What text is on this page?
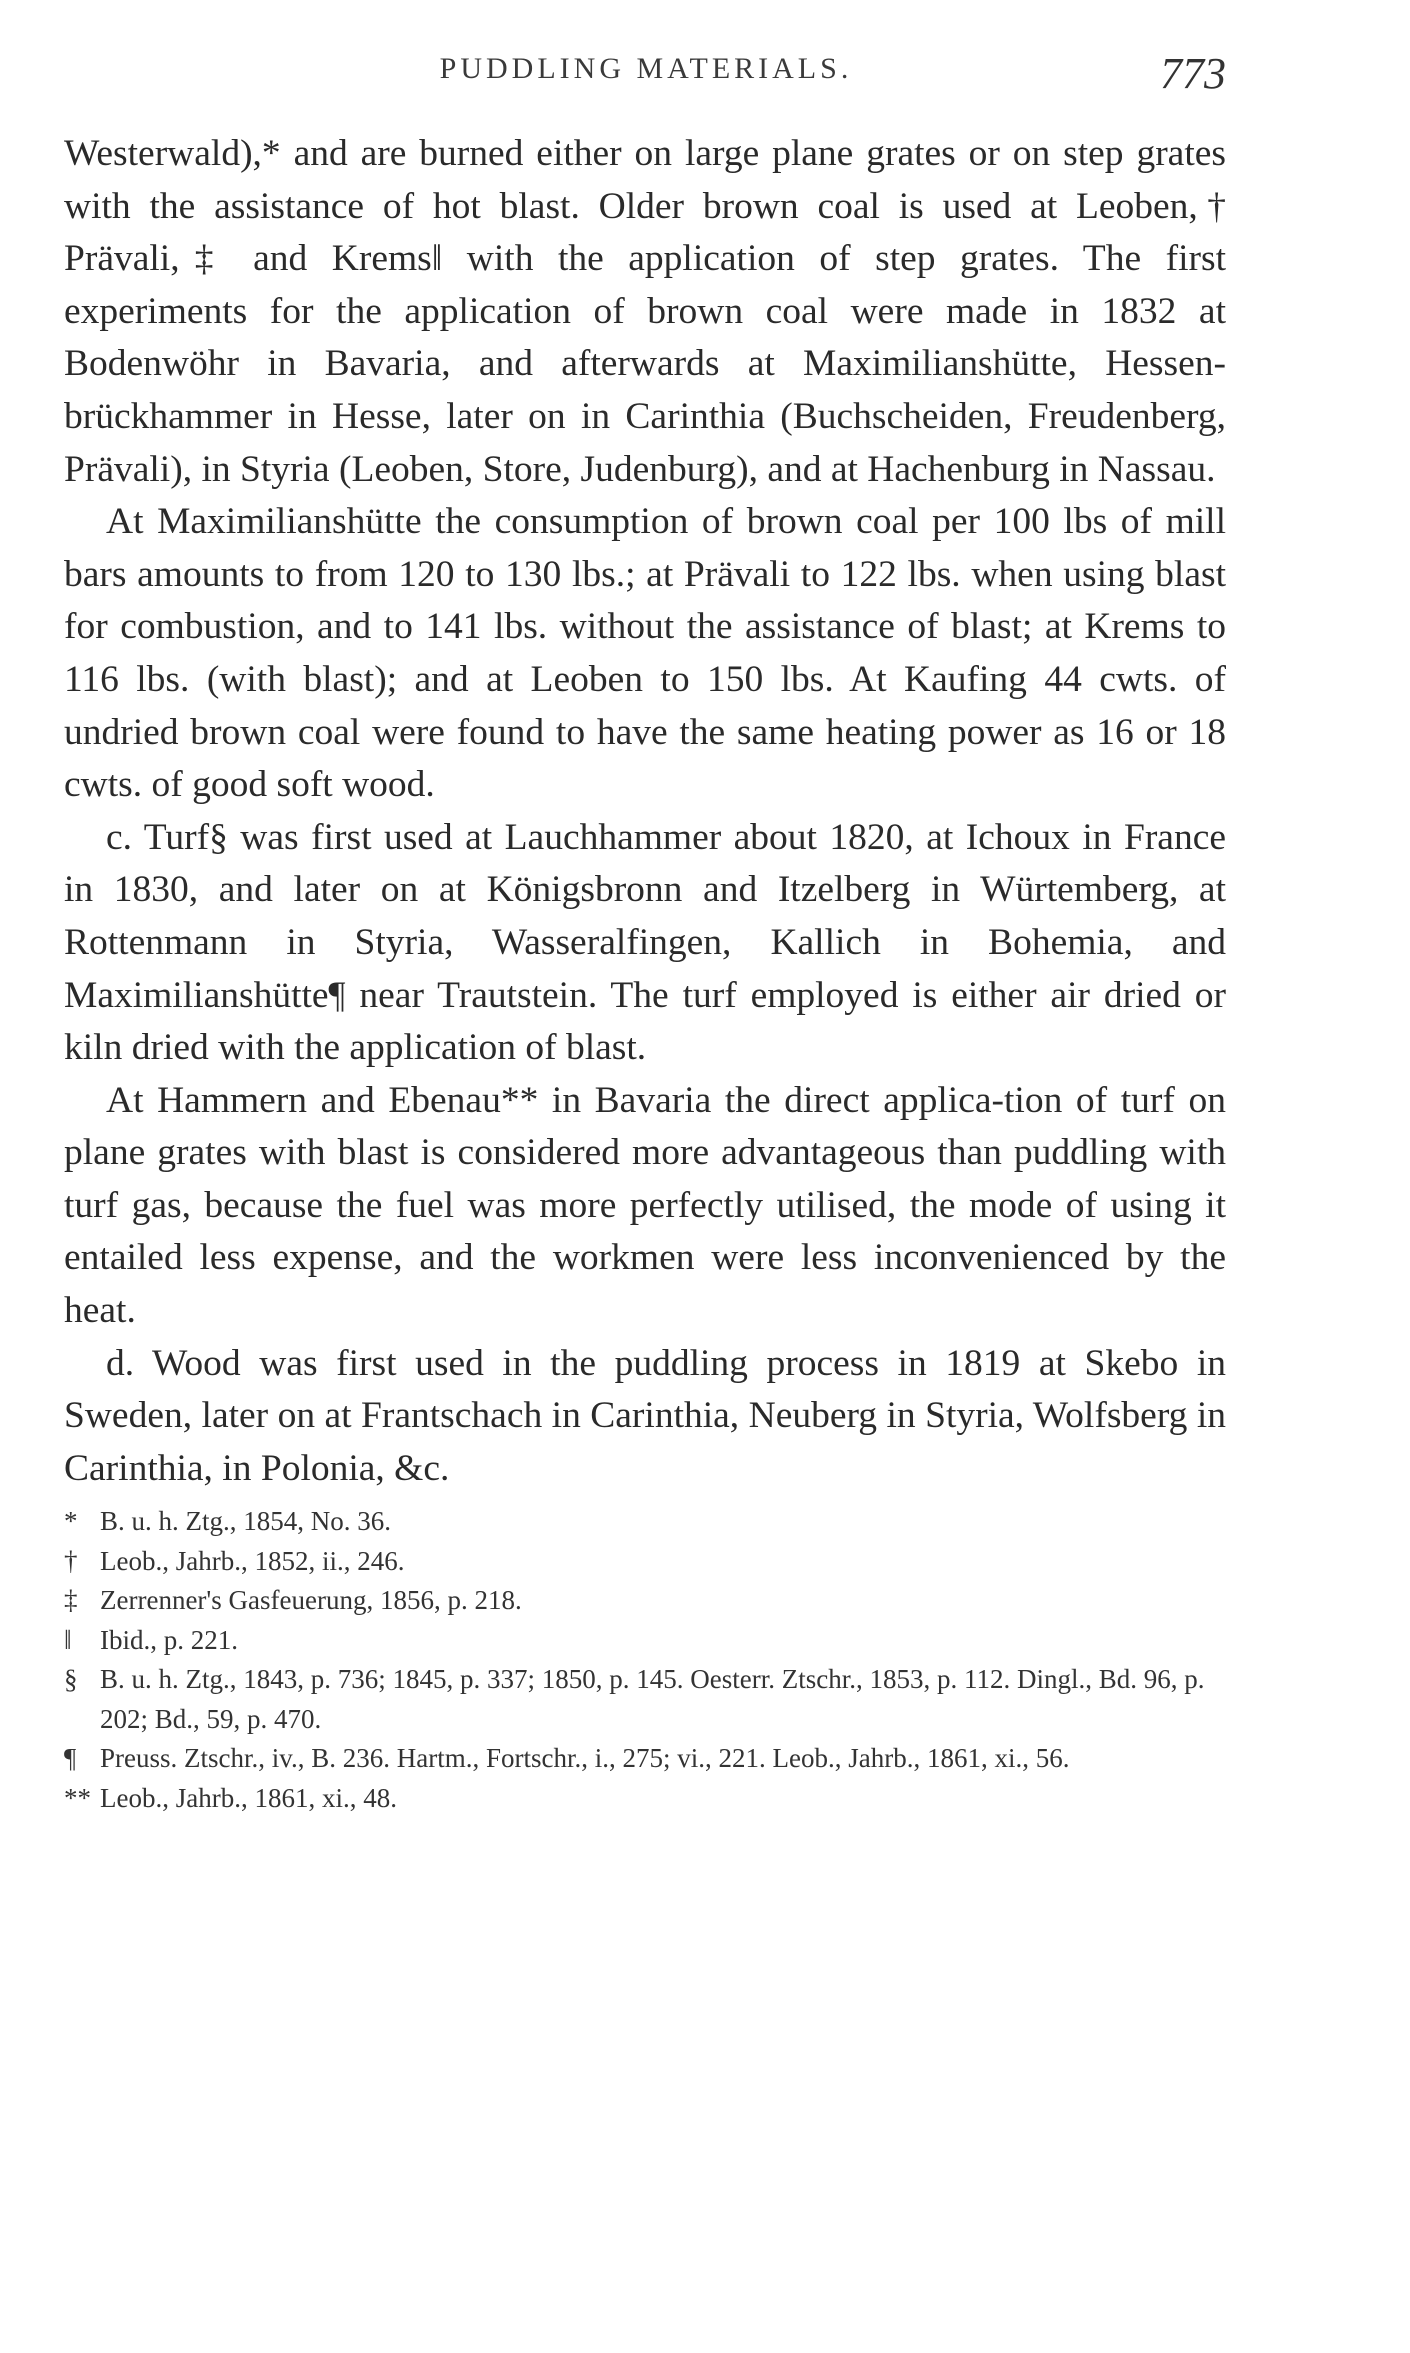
PUDDLING MATERIALS.	773

Westerwald),* and are burned either on large plane grates or on step grates with the assistance of hot blast. Older brown coal is used at Leoben,† Prävali,‡ and Krems‖ with the application of step grates. The first experiments for the application of brown coal were made in 1832 at Bodenwöhr in Bavaria, and afterwards at Maximilianshütte, Hessen-brückhammer in Hesse, later on in Carinthia (Buchscheiden, Freudenberg, Prävali), in Styria (Leoben, Store, Judenburg), and at Hachenburg in Nassau.

At Maximilianshütte the consumption of brown coal per 100 lbs of mill bars amounts to from 120 to 130 lbs.; at Prävali to 122 lbs. when using blast for combustion, and to 141 lbs. without the assistance of blast; at Krems to 116 lbs. (with blast); and at Leoben to 150 lbs. At Kaufing 44 cwts. of undried brown coal were found to have the same heating power as 16 or 18 cwts. of good soft wood.

c. Turf§ was first used at Lauchhammer about 1820, at Ichoux in France in 1830, and later on at Königsbronn and Itzelberg in Würtemberg, at Rottenmann in Styria, Wasseralfingen, Kallich in Bohemia, and Maximilianshütte¶ near Trautstein. The turf employed is either air dried or kiln dried with the application of blast.

At Hammern and Ebenau** in Bavaria the direct applica-tion of turf on plane grates with blast is considered more advantageous than puddling with turf gas, because the fuel was more perfectly utilised, the mode of using it entailed less expense, and the workmen were less inconvenienced by the heat.

d. Wood was first used in the puddling process in 1819 at Skebo in Sweden, later on at Frantschach in Carinthia, Neuberg in Styria, Wolfsberg in Carinthia, in Polonia, &c.

* B. u. h. Ztg., 1854, No. 36.

† Leob., Jahrb., 1852, ii., 246.

‡ Zerrenner's Gasfeuerung, 1856, p. 218.

‖ Ibid., p. 221.

§ B. u. h. Ztg., 1843, p. 736; 1845, p. 337; 1850, p. 145. Oesterr. Ztschr., 1853, p. 112. Dingl., Bd. 96, p. 202; Bd., 59, p. 470.

¶ Preuss. Ztschr., iv., B. 236. Hartm., Fortschr., i., 275; vi., 221. Leob., Jahrb., 1861, xi., 56.

** Leob., Jahrb., 1861, xi., 48.
